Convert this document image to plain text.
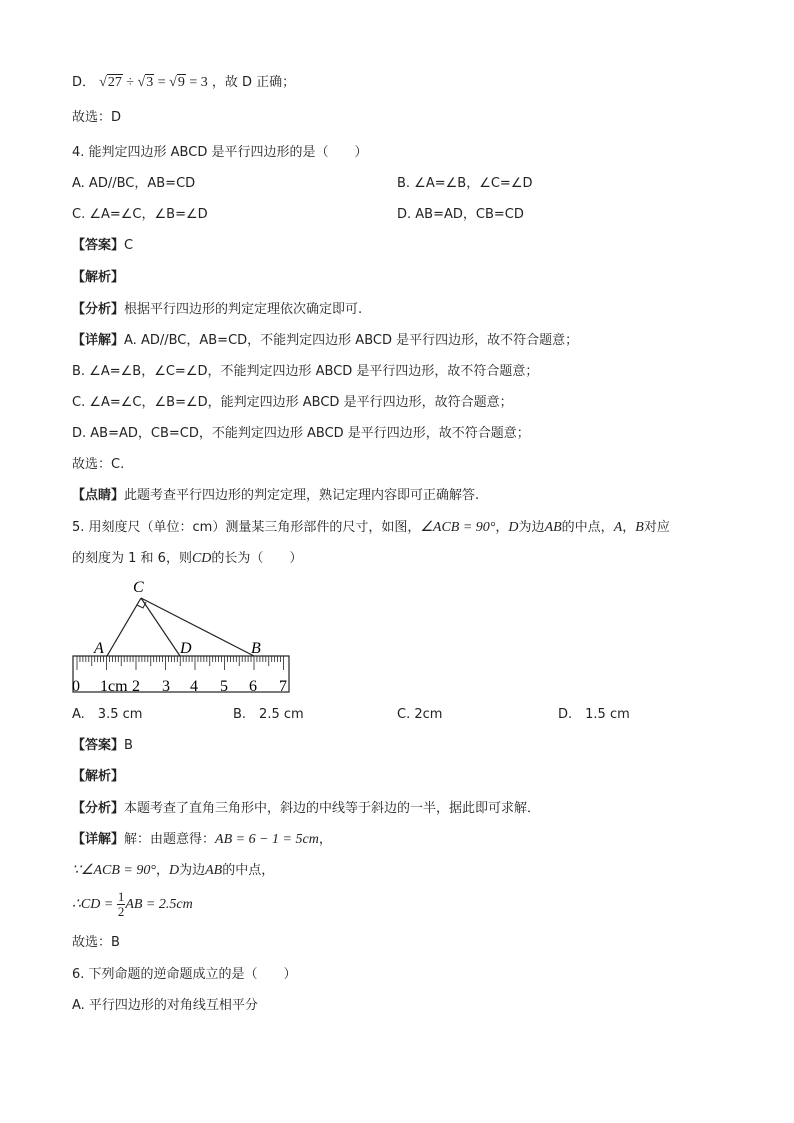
D． √27 ÷ √3 = √9 = 3 ，故 D 正确；
故选：D
4. 能判定四边形 ABCD 是平行四边形的是（　　）
A. AD//BC，AB=CD	B. ∠A=∠B，∠C=∠D
C. ∠A=∠C，∠B=∠D	D. AB=AD，CB=CD
【答案】C
【解析】
【分析】根据平行四边形的判定定理依次确定即可.
【详解】A. AD//BC，AB=CD，不能判定四边形 ABCD 是平行四边形，故不符合题意；
B. ∠A=∠B，∠C=∠D，不能判定四边形 ABCD 是平行四边形，故不符合题意；
C. ∠A=∠C，∠B=∠D，能判定四边形 ABCD 是平行四边形，故符合题意；
D. AB=AD，CB=CD，不能判定四边形 ABCD 是平行四边形，故不符合题意；
故选：C.
【点睛】此题考查平行四边形的判定定理，熟记定理内容即可正确解答.
5. 用刻度尺（单位：cm）测量某三角形部件的尺寸，如图，∠ACB = 90°，D为边AB的中点，A，B对应
的刻度为 1 和 6，则CD的长为（　　）
C
A	D	B
0 1cm 2 3 4 5 6 7
A.　3.5 cm	B.　2.5 cm	C. 2cm	D.　1.5 cm
【答案】B
【解析】
【分析】本题考查了直角三角形中，斜边的中线等于斜边的一半，据此即可求解．
【详解】解：由题意得：AB = 6 − 1 = 5cm，
∵∠ACB = 90°，D为边AB的中点，
∴CD = $\frac{1}{2}$ AB = 2.5cm
故选：B
6. 下列命题的逆命题成立的是（　　）
A. 平行四边形的对角线互相平分
